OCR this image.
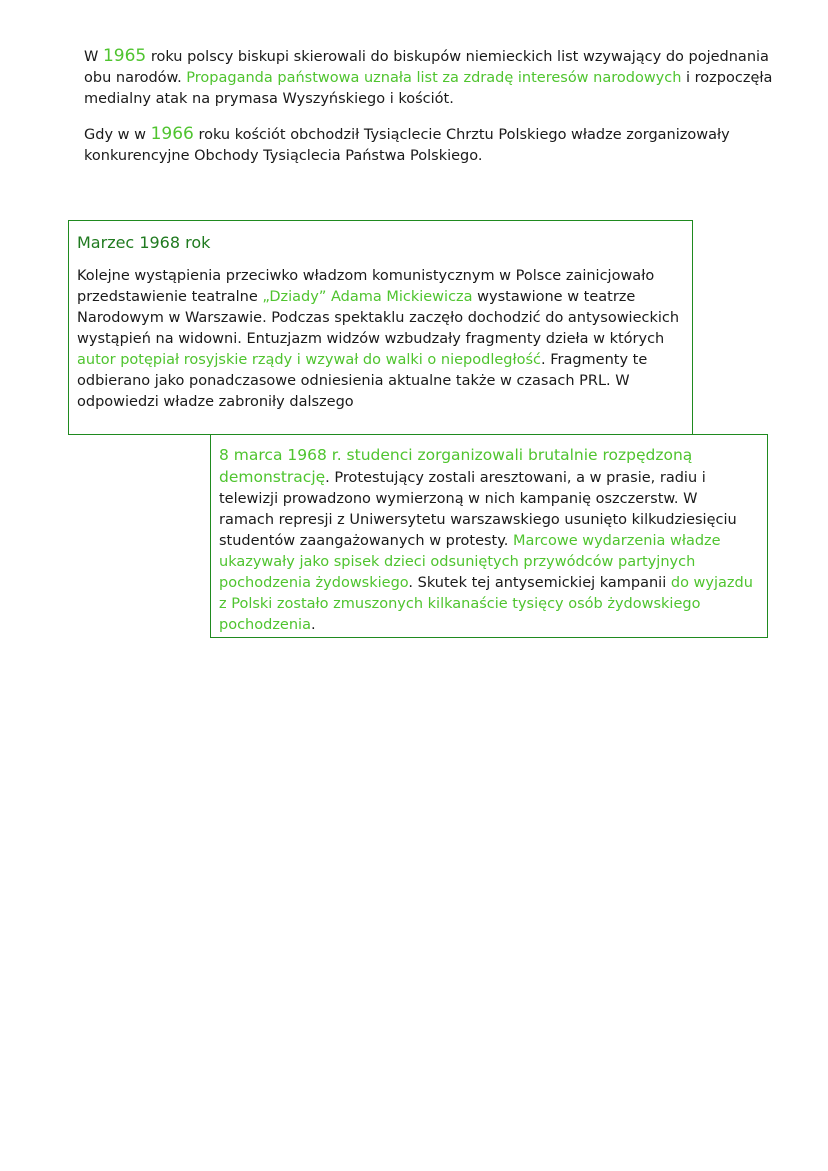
W 1965 roku polscy biskupi skierowali do biskupów niemieckich list wzywający do pojednania obu narodów. Propaganda państwowa uznała list za zdradę interesów narodowych i rozpoczęła medialny atak na prymasa Wyszyńskiego i kościót.

Gdy w w 1966 roku kościót obchodził Tysiąclecie Chrztu Polskiego władze zorganizowały konkurencyjne Obchody Tysiąclecia Państwa Polskiego.

Marzec 1968 rok

Kolejne wystąpienia przeciwko władzom komunistycznym w Polsce zainicjowało przedstawienie teatralne „Dziady” Adama Mickiewicza wystawione w teatrze Narodowym w Warszawie. Podczas spektaklu zaczęło dochodzić do antysowieckich wystąpień na widowni. Entuzjazm widzów wzbudzały fragmenty dzieła w których autor potępiał rosyjskie rządy i wzywał do walki o niepodległość. Fragmenty te odbierano jako ponadczasowe odniesienia aktualne także w czasach PRL. W odpowiedzi władze zabroniły dalszego

8 marca 1968 r. studenci zorganizowali brutalnie rozpędzoną demonstrację. Protestujący zostali aresztowani, a w prasie, radiu i telewizji prowadzono wymierzoną w nich kampanię oszczerstw. W ramach represji z Uniwersytetu warszawskiego usunięto kilkudziesięciu studentów zaangażowanych w protesty. Marcowe wydarzenia władze ukazywały jako spisek dzieci odsuniętych przywódców partyjnych pochodzenia żydowskiego. Skutek tej antysemickiej kampanii do wyjazdu z Polski zostało zmuszonych kilkanaście tysięcy osób żydowskiego pochodzenia.
